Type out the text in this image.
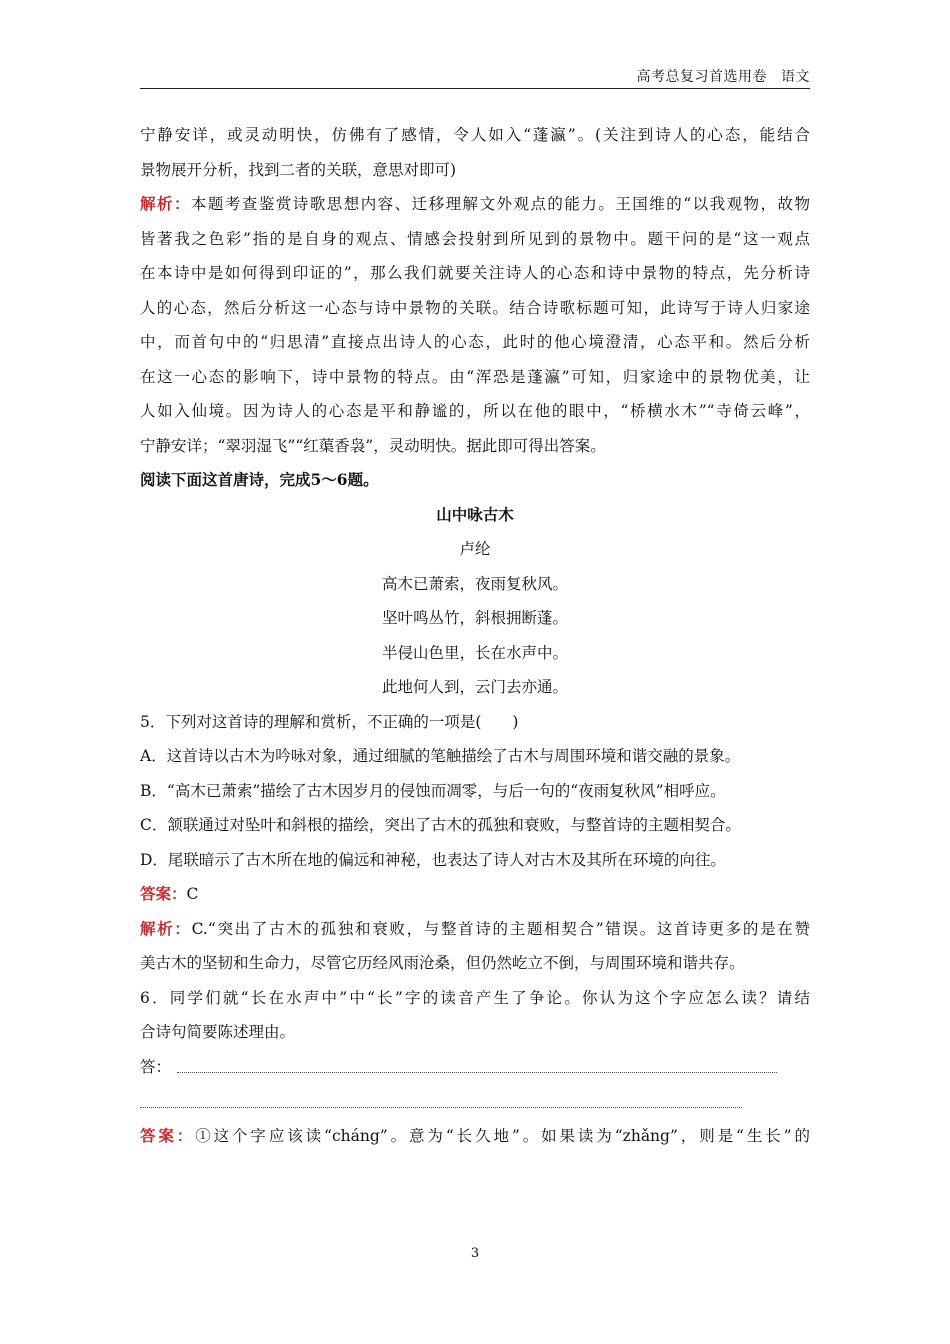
高考总复习首选用卷 语文
宁静安详，或灵动明快，仿佛有了感情，令人如入“蓬瀛”。(关注到诗人的心态，能结合
景物展开分析，找到二者的关联，意思对即可)
解析：本题考查鉴赏诗歌思想内容、迁移理解文外观点的能力。王国维的“以我观物，故物
皆著我之色彩”指的是自身的观点、情感会投射到所见到的景物中。题干问的是“这一观点
在本诗中是如何得到印证的”，那么我们就要关注诗人的心态和诗中景物的特点，先分析诗
人的心态，然后分析这一心态与诗中景物的关联。结合诗歌标题可知，此诗写于诗人归家途
中，而首句中的“归思清”直接点出诗人的心态，此时的他心境澄清，心态平和。然后分析
在这一心态的影响下，诗中景物的特点。由“浑恐是蓬瀛”可知，归家途中的景物优美，让
人如入仙境。因为诗人的心态是平和静谧的，所以在他的眼中，“桥横水木”“寺倚云峰”，
宁静安详；“翠羽湿飞”“红蕖香袅”，灵动明快。据此即可得出答案。
阅读下面这首唐诗，完成5～6题。
山中咏古木
卢纶
高木已萧索，夜雨复秋风。
坚叶鸣丛竹，斜根拥断蓬。
半侵山色里，长在水声中。
此地何人到，云门去亦通。
5．下列对这首诗的理解和赏析，不正确的一项是(　　)
A．这首诗以古木为吟咏对象，通过细腻的笔触描绘了古木与周围环境和谐交融的景象。
B．“高木已萧索”描绘了古木因岁月的侵蚀而凋零，与后一句的“夜雨复秋风”相呼应。
C．颔联通过对坠叶和斜根的描绘，突出了古木的孤独和衰败，与整首诗的主题相契合。
D．尾联暗示了古木所在地的偏远和神秘，也表达了诗人对古木及其所在环境的向往。
答案：C
解析：C.“突出了古木的孤独和衰败，与整首诗的主题相契合”错误。这首诗更多的是在赞
美古木的坚韧和生命力，尽管它历经风雨沧桑，但仍然屹立不倒，与周围环境和谐共存。
6．同学们就“长在水声中”中“长”字的读音产生了争论。你认为这个字应怎么读？请结
合诗句简要陈述理由。
答：
答案：①这个字应该读“cháng”。意为“长久地”。如果读为“zhǎng”，则是“生长”的
3
